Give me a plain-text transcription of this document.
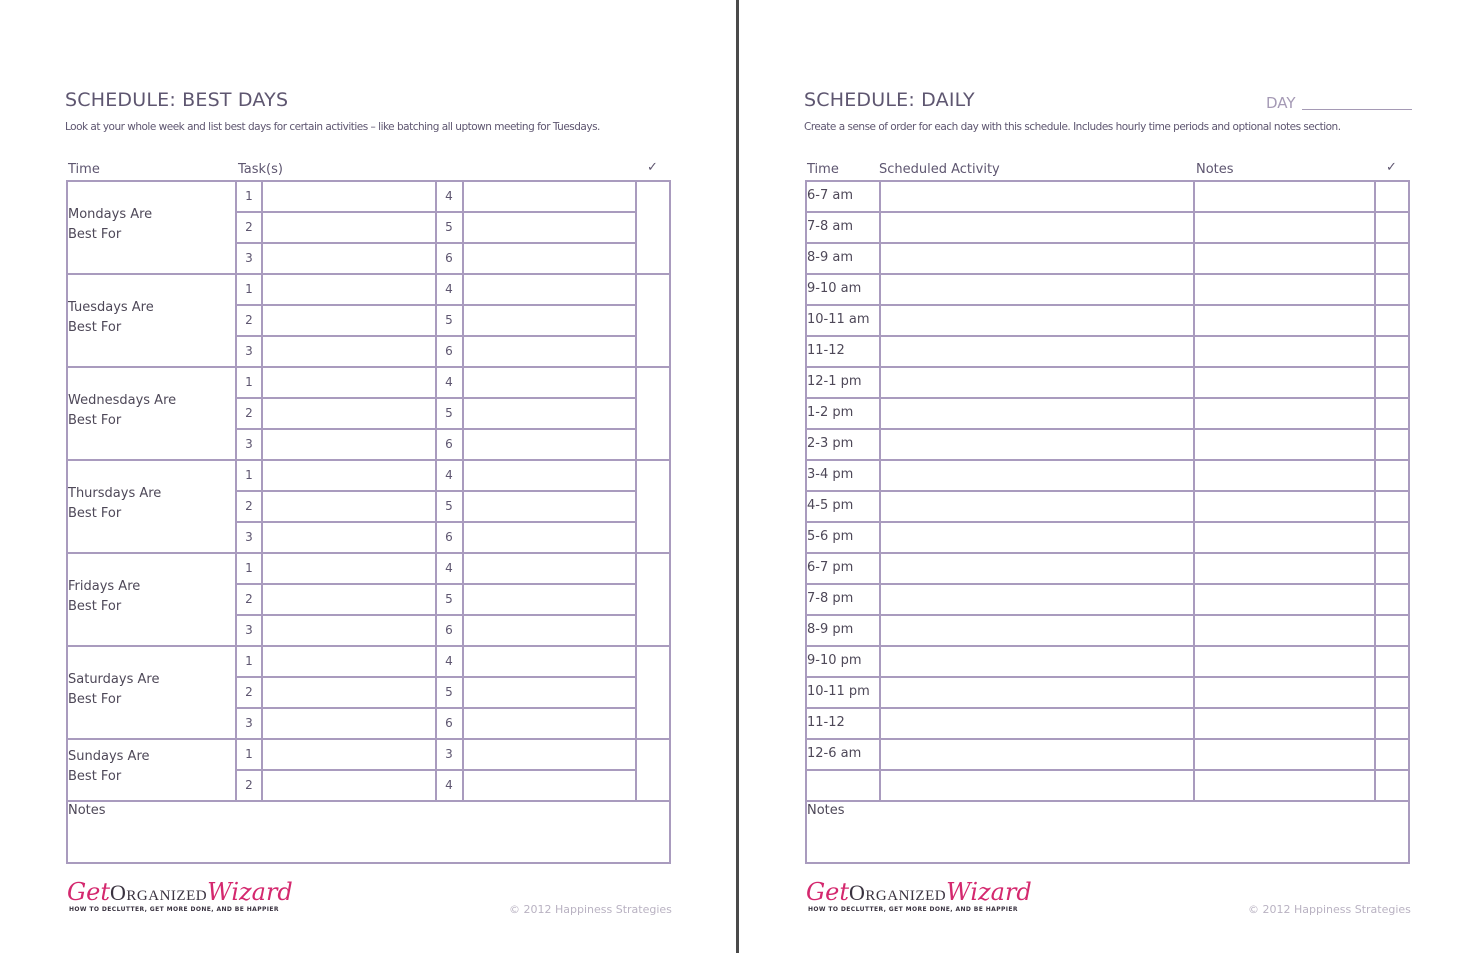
SCHEDULE: BEST DAYS
Look at your whole week and list best days for certain activities – like batching all uptown meeting for Tuesdays.
Time	Task(s)	✓
Mondays Are
Best For
1	4
2	5
3	6
Tuesdays Are
Best For
1	4
2	5
3	6
Wednesdays Are
Best For
1	4
2	5
3	6
Thursdays Are
Best For
1	4
2	5
3	6
Fridays Are
Best For
1	4
2	5
3	6
Saturdays Are
Best For
1	4
2	5
3	6
Sundays Are
Best For
1	3
2	4
Notes
GetOrganizedWizard
HOW TO DECLUTTER, GET MORE DONE, AND BE HAPPIER	© 2012 Happiness Strategies
SCHEDULE: DAILY	DAY
Create a sense of order for each day with this schedule. Includes hourly time periods and optional notes section.
Time	Scheduled Activity	Notes	✓
6-7 am
7-8 am
8-9 am
9-10 am
10-11 am
11-12
12-1 pm
1-2 pm
2-3 pm
3-4 pm
4-5 pm
5-6 pm
6-7 pm
7-8 pm
8-9 pm
9-10 pm
10-11 pm
11-12
12-6 am
Notes
GetOrganizedWizard
HOW TO DECLUTTER, GET MORE DONE, AND BE HAPPIER	© 2012 Happiness Strategies
